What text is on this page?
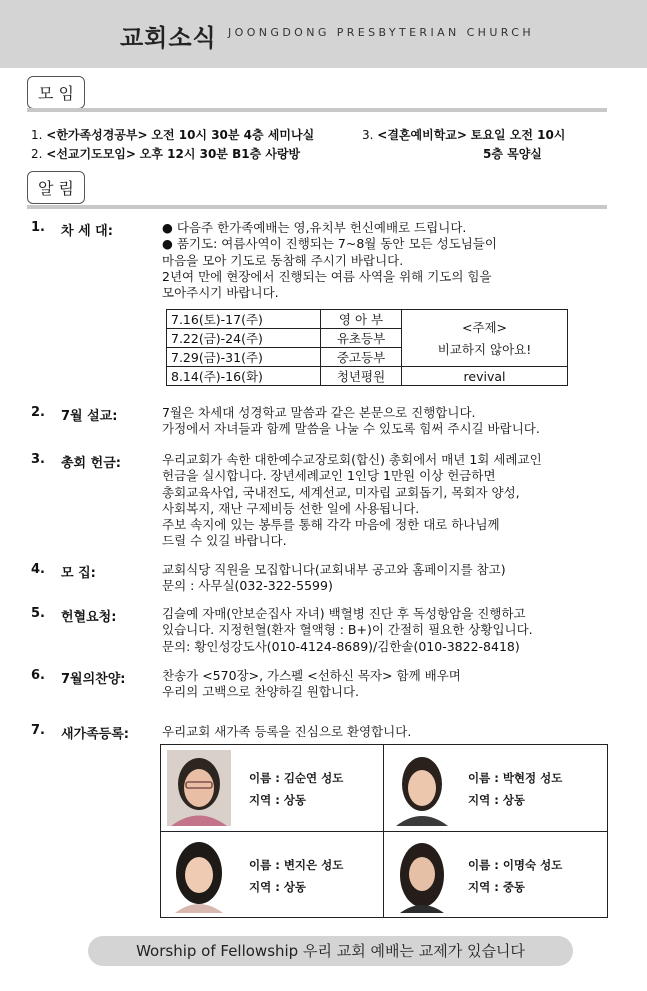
교회소식 JOONGDONG PRESBYTERIAN CHURCH
모 임
1. <한가족성경공부> 오전 10시 30분 4층 세미나실
2. <선교기도모임> 오후 12시 30분 B1층 사랑방
3. <결혼예비학교> 토요일 오전 10시
5층 목양실
알 림
1. 차 세 대:	● 다음주 한가족예배는 영,유치부 헌신예배로 드립니다.
● 품기도: 여름사역이 진행되는 7~8월 동안 모든 성도님들이
마음을 모아 기도로 동참해 주시기 바랍니다.
2년여 만에 현장에서 진행되는 여름 사역을 위해 기도의 힘을
모아주시기 바랍니다.
7.16(토)-17(주)	영 아 부	<주제>
비교하지 않아요!

7.22(금)-24(주)	유초등부	
7.29(금)-31(주)	중고등부	
8.14(주)-16(화)	청년평원	revival
2. 7월 설교:	7월은 차세대 성경학교 말씀과 같은 본문으로 진행합니다.
가정에서 자녀들과 함께 말씀을 나눌 수 있도록 힘써 주시길 바랍니다.
3. 총회 헌금:	우리교회가 속한 대한예수교장로회(합신) 총회에서 매년 1회 세례교인
헌금을 실시합니다. 장년세례교인 1인당 1만원 이상 헌금하면
총회교육사업, 국내전도, 세계선교, 미자립 교회돕기, 목회자 양성,
사회복지, 재난 구제비등 선한 일에 사용됩니다.
주보 속지에 있는 봉투를 통해 각각 마음에 정한 대로 하나님께
드릴 수 있길 바랍니다.
4. 모 집:	교회식당 직원을 모집합니다(교회내부 공고와 홈페이지를 참고)
문의 : 사무실(032-322-5599)
5. 헌혈요청:	김슬예 자매(안보순집사 자녀) 백혈병 진단 후 독성항암을 진행하고
있습니다. 지정헌혈(환자 혈액형 : B+)이 간절히 필요한 상황입니다.
문의: 황인성강도사(010-4124-8689)/김한솔(010-3822-8418)
6. 7월의찬양:	찬송가 <570장>, 가스펠 <선하신 목자> 함께 배우며
우리의 고백으로 찬양하길 원합니다.
7. 새가족등록:	우리교회 새가족 등록을 진심으로 환영합니다.
이름 : 김순연 성도
지역 : 상동
이름 : 박현정 성도
지역 : 상동
이름 : 변지은 성도
지역 : 상동
이름 : 이명숙 성도
지역 : 중동
Worship of Fellowship 우리 교회 예배는 교제가 있습니다
